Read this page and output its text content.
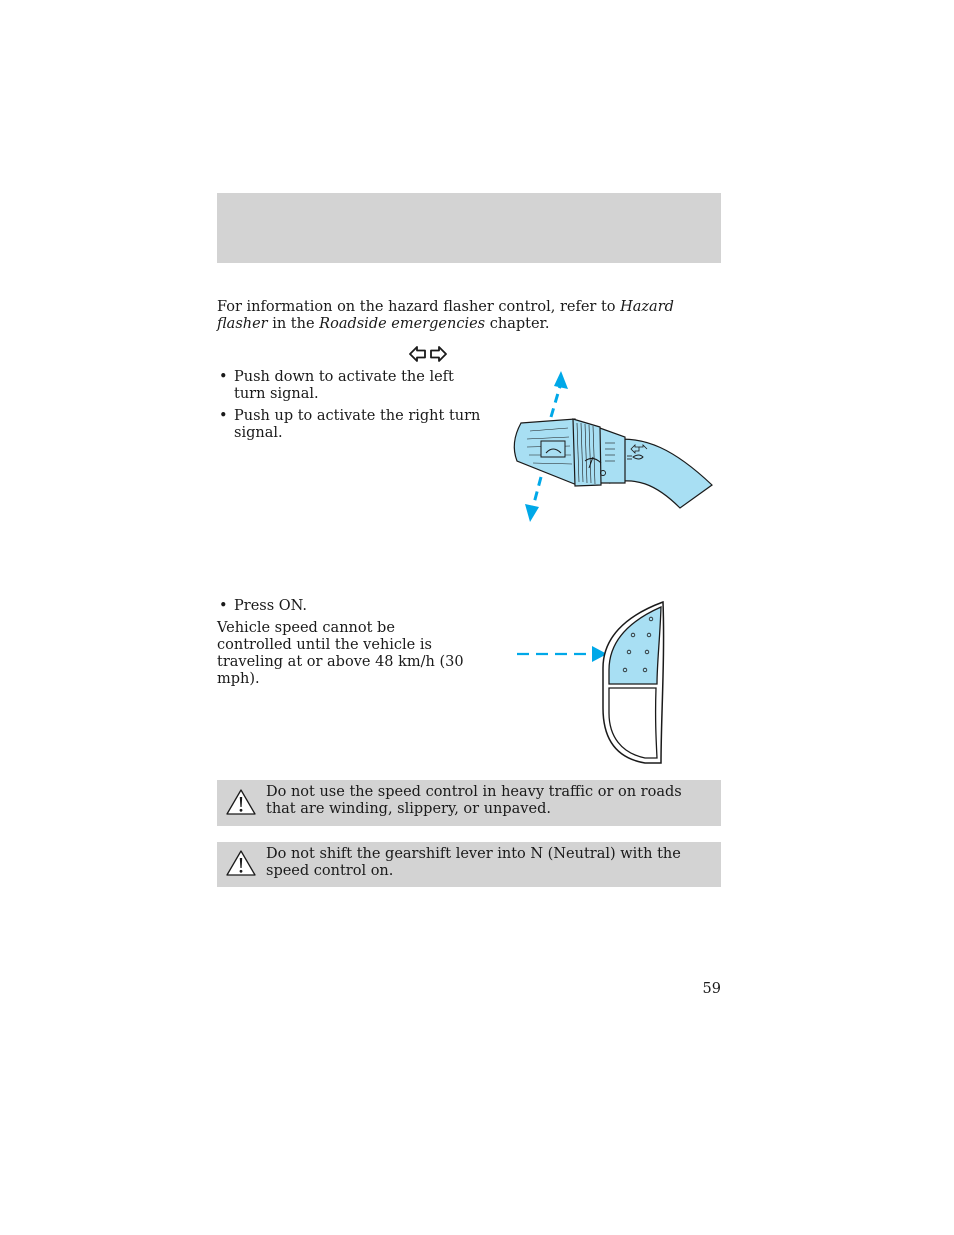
For information on the hazard flasher control, refer to Hazard flasher in the Roadside emergencies chapter.
• Push down to activate the left turn signal.
• Push up to activate the right turn signal.
• Press ON.
Vehicle speed cannot be controlled until the vehicle is traveling at or above 48 km/h (30 mph).
Do not use the speed control in heavy traffic or on roads that are winding, slippery, or unpaved.
Do not shift the gearshift lever into N (Neutral) with the speed control on.
59
